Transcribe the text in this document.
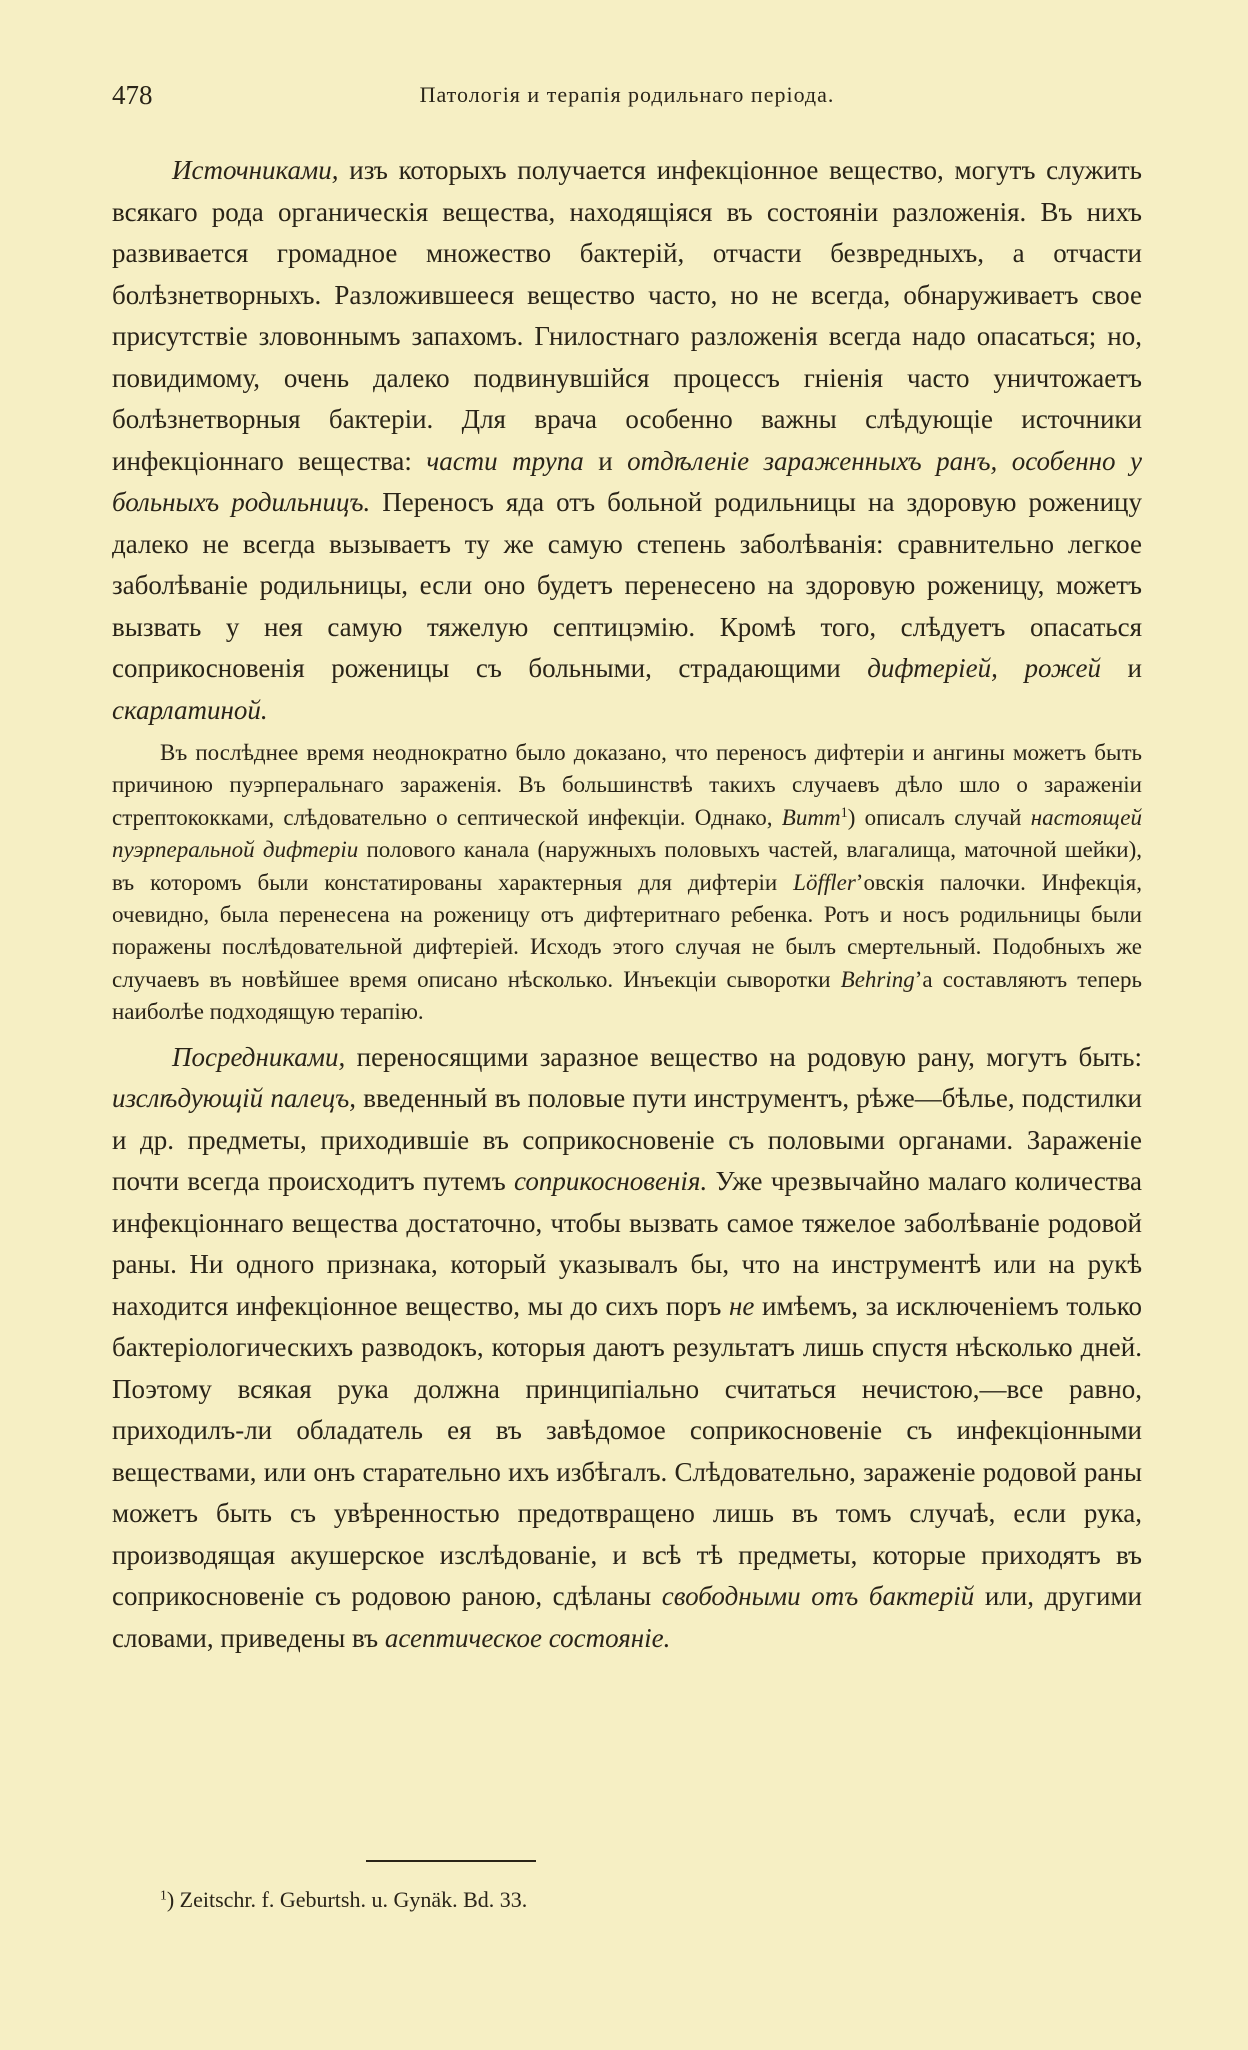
478	Патологія и терапія родильнаго періода.

Источниками, изъ которыхъ получается инфекціонное вещество, могутъ служить всякаго рода органическія вещества, находящіяся въ состояніи разложенія. Въ нихъ развивается громадное множество бактерій, отчасти безвредныхъ, а отчасти болѣзнетворныхъ. Разложившееся вещество часто, но не всегда, обнаруживаетъ свое присутствіе зловоннымъ запахомъ. Гнилостнаго разложенія всегда надо опасаться; но, повидимому, очень далеко подвинувшійся процессъ гніенія часто уничтожаетъ болѣзнетворныя бактеріи. Для врача особенно важны слѣдующіе источники инфекціоннаго вещества: части трупа и отдѣленіе зараженныхъ ранъ, особенно у больныхъ родильницъ. Переносъ яда отъ больной родильницы на здоровую роженицу далеко не всегда вызываетъ ту же самую степень заболѣванія: сравнительно легкое заболѣваніе родильницы, если оно будетъ перенесено на здоровую роженицу, можетъ вызвать у нея самую тяжелую септицэмію. Кромѣ того, слѣдуетъ опасаться соприкосновенія роженицы съ больными, страдающими дифтеріей, рожей и скарлатиной.

Въ послѣднее время неоднократно было доказано, что переносъ дифтеріи и ангины можетъ быть причиною пуэрперальнаго зараженія. Въ большинствѣ такихъ случаевъ дѣло шло о зараженіи стрептококками, слѣдовательно о септической инфекціи. Однако, Витт$^1$) описалъ случай настоящей пуэрперальной дифтеріи полового канала (наружныхъ половыхъ частей, влагалища, маточной шейки), въ которомъ были констатированы характерныя для дифтеріи Löffler’овскія палочки. Инфекція, очевидно, была перенесена на роженицу отъ дифтеритнаго ребенка. Ротъ и носъ родильницы были поражены послѣдовательной дифтеріей. Исходъ этого случая не былъ смертельный. Подобныхъ же случаевъ въ новѣйшее время описано нѣсколько. Инъекціи сыворотки Behring’а составляютъ теперь наиболѣе подходящую терапію.

Посредниками, переносящими заразное вещество на родовую рану, могутъ быть: изслѣдующій палецъ, введенный въ половые пути инструментъ, рѣже—бѣлье, подстилки и др. предметы, приходившіе въ соприкосновеніе съ половыми органами. Зараженіе почти всегда происходитъ путемъ соприкосновенія. Уже чрезвычайно малаго количества инфекціоннаго вещества достаточно, чтобы вызвать самое тяжелое заболѣваніе родовой раны. Ни одного признака, который указывалъ бы, что на инструментѣ или на рукѣ находится инфекціонное вещество, мы до сихъ поръ не имѣемъ, за исключеніемъ только бактеріологическихъ разводокъ, которыя даютъ результатъ лишь спустя нѣсколько дней. Поэтому всякая рука должна принципіально считаться нечистою,—все равно, приходилъ-ли обладатель ея въ завѣдомое соприкосновеніе съ инфекціонными веществами, или онъ старательно ихъ избѣгалъ. Слѣдовательно, зараженіе родовой раны можетъ быть съ увѣренностью предотвращено лишь въ томъ случаѣ, если рука, производящая акушерское изслѣдованіе, и всѣ тѣ предметы, которые приходятъ въ соприкосновеніе съ родовою раною, сдѣланы свободными отъ бактерій или, другими словами, приведены въ асептическое состояніе.

$^1$) Zeitschr. f. Geburtsh. u. Gynäk. Bd. 33.
